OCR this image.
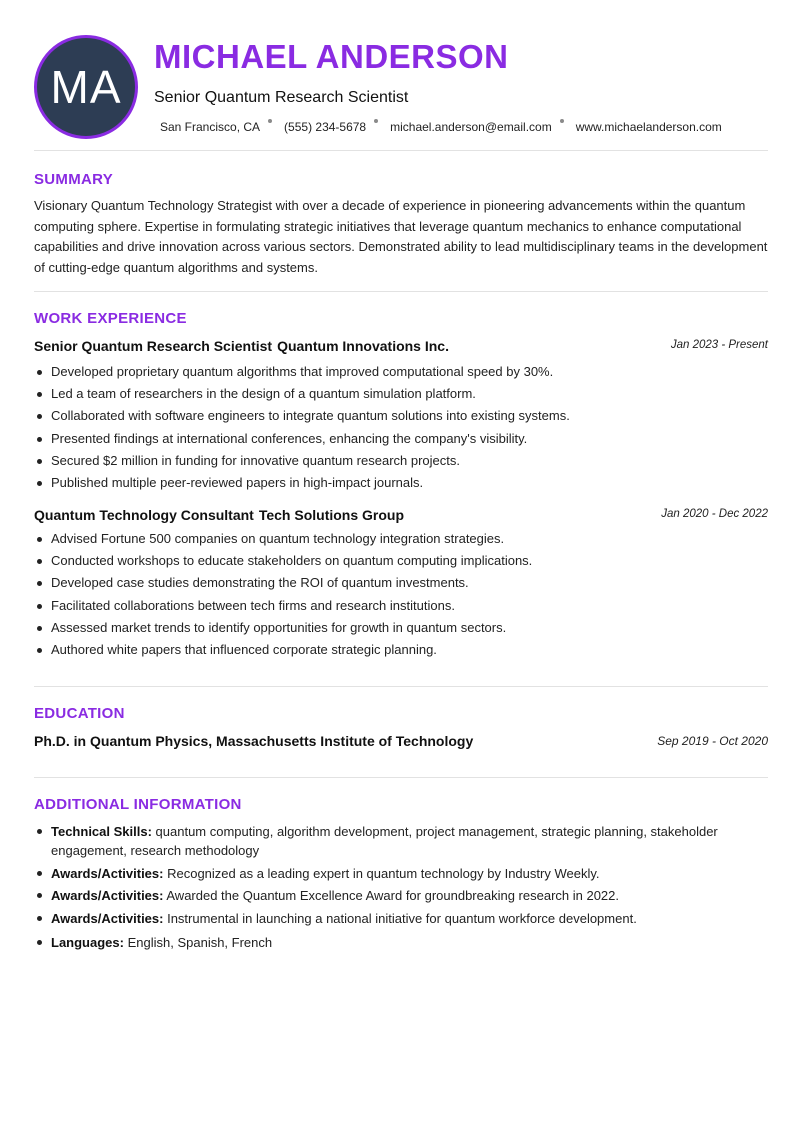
MA
MICHAEL ANDERSON
Senior Quantum Research Scientist
San Francisco, CA (555) 234-5678 michael.anderson@email.com www.michaelanderson.com
SUMMARY

Visionary Quantum Technology Strategist with over a decade of experience in pioneering advancements within the quantum computing sphere. Expertise in formulating strategic initiatives that leverage quantum mechanics to enhance computational capabilities and drive innovation across various sectors. Demonstrated ability to lead multidisciplinary teams in the development of cutting-edge quantum algorithms and systems.

WORK EXPERIENCE
Senior Quantum Research Scientist Quantum Innovations Inc.	Jan 2023 - Present
Developed proprietary quantum algorithms that improved computational speed by 30%.
Led a team of researchers in the design of a quantum simulation platform.
Collaborated with software engineers to integrate quantum solutions into existing systems.
Presented findings at international conferences, enhancing the company's visibility.
Secured $2 million in funding for innovative quantum research projects.
Published multiple peer-reviewed papers in high-impact journals.
Quantum Technology Consultant Tech Solutions Group	Jan 2020 - Dec 2022
Advised Fortune 500 companies on quantum technology integration strategies.
Conducted workshops to educate stakeholders on quantum computing implications.
Developed case studies demonstrating the ROI of quantum investments.
Facilitated collaborations between tech firms and research institutions.
Assessed market trends to identify opportunities for growth in quantum sectors.
Authored white papers that influenced corporate strategic planning.
EDUCATION
Ph.D. in Quantum Physics, Massachusetts Institute of Technology	Sep 2019 - Oct 2020
ADDITIONAL INFORMATION
Technical Skills: quantum computing, algorithm development, project management, strategic planning, stakeholder engagement, research methodology
Awards/Activities: Recognized as a leading expert in quantum technology by Industry Weekly.
Awards/Activities: Awarded the Quantum Excellence Award for groundbreaking research in 2022.
Awards/Activities: Instrumental in launching a national initiative for quantum workforce development.
Languages: English, Spanish, French
